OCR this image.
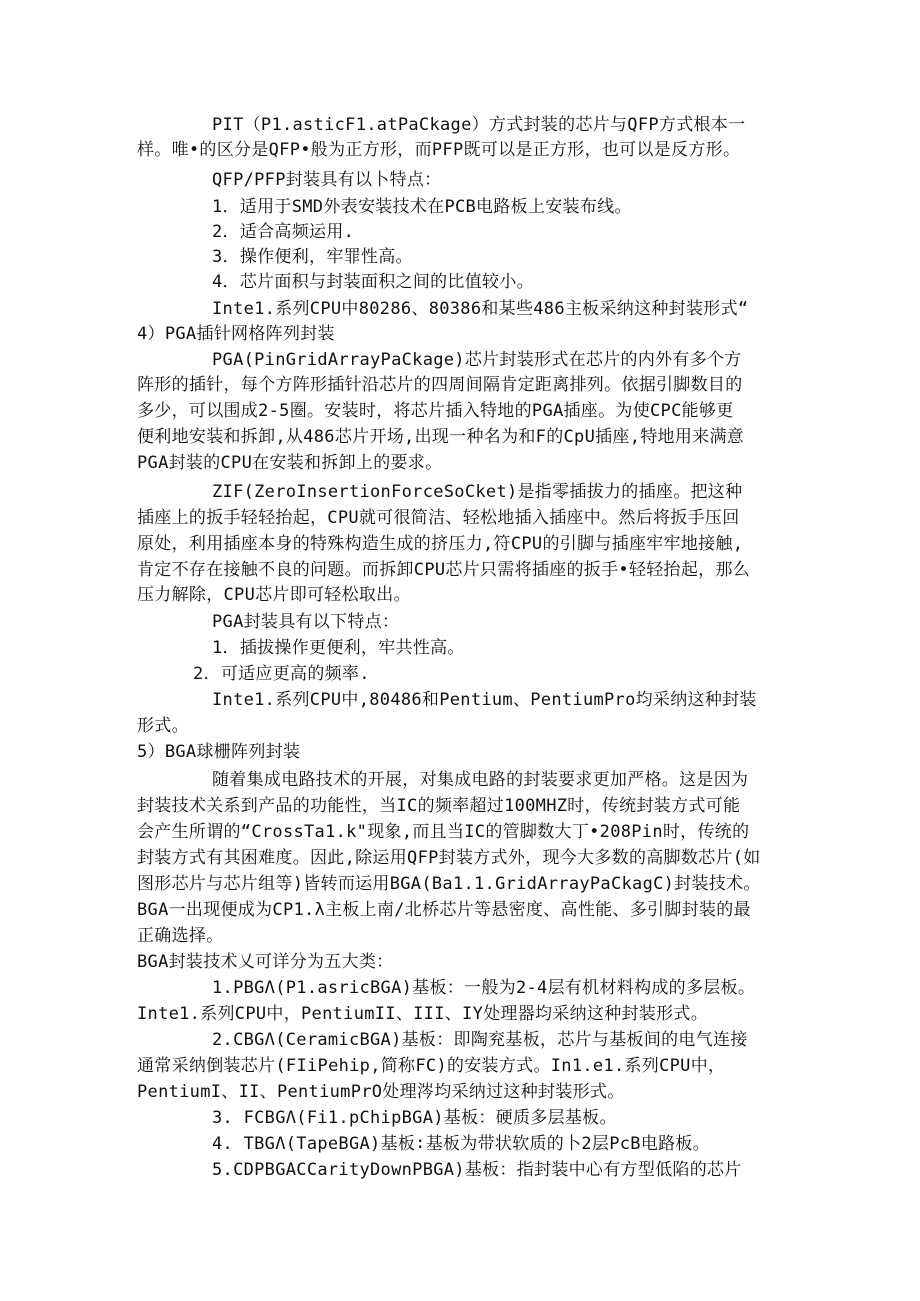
PIT（P1.asticF1.atPaCkage）方式封装的芯片与QFP方式根本一
样。唯•的区分是QFP•般为正方形，而PFP既可以是正方形，也可以是反方形。
QFP/PFP封装具有以卜特点：
1．适用于SMD外表安装技术在PCB电路板上安装布线。
2．适合高频运用.
3．操作便利，牢罪性高。
4．芯片面积与封装面积之间的比值较小。
Inte1.系列CPU中80286、80386和某些486主板采纳这种封装形式“
4）PGA插针网格阵列封装
PGA(PinGridArrayPaCkage)芯片封装形式在芯片的内外有多个方
阵形的插针，每个方阵形插针沿芯片的四周间隔肯定距离排列。依据引脚数目的
多少，可以围成2-5圈。安装时，将芯片插入特地的PGA插座。为使CPC能够更
便利地安装和拆卸,从486芯片开场,出现一种名为和F的CpU插座,特地用来满意
PGA封装的CPU在安装和拆卸上的要求。
ZIF(ZeroInsertionForceSoCket)是指零插拔力的插座。把这种
插座上的扳手轻轻抬起，CPU就可很简洁、轻松地插入插座中。然后将扳手压回
原处，利用插座本身的特殊构造生成的挤压力,符CPU的引脚与插座牢牢地接触,
肯定不存在接触不良的问题。而拆卸CPU芯片只需将插座的扳手•轻轻抬起，那么
压力解除，CPU芯片即可轻松取出。
PGA封装具有以下特点：
1．插拔操作更便利，牢共性高。
2．可适应更高的频率.
Inte1.系列CPU中,80486和Pentium、PentiumPro均采纳这种封装
形式。
5）BGA球栅阵列封装
随着集成电路技术的开展，对集成电路的封装要求更加严格。这是因为
封装技术关系到产品的功能性，当IC的频率超过100MHZ时，传统封装方式可能
会产生所谓的“CrossTa1.k"现象,而且当IC的管脚数大丁•208Pin时，传统的
封装方式有其困难度。因此,除运用QFP封装方式外，现今大多数的高脚数芯片(如
图形芯片与芯片组等)皆转而运用BGA(Ba1.1.GridArrayPaCkagC)封装技术。
BGA一出现便成为CP1.λ主板上南/北桥芯片等悬密度、高性能、多引脚封装的最
正确选择。
BGA封装技术乂可详分为五大类：
1.PBGΛ(P1.asricBGA)基板：一般为2-4层有机材料构成的多层板。
Inte1.系列CPU中，PentiumII、III、IY处理器均采纳这种封装形式。
2.CBGΛ(CeramicBGA)基板：即陶兖基板，芯片与基板间的电气连接
通常采纳倒装芯片(FIiPehip,简称FC)的安装方式。In1.e1.系列CPU中，
PentiumI、II、PentiumPrO处理涔均采纳过这种封装形式。
3. FCBGΛ(Fi1.pChipBGA)基板：硬质多层基板。
4. TBGΛ(TapeBGA)基板∶基板为带状软质的卜2层PcB电路板。
5.CDPBGACCarityDownPBGA)基板：指封装中心有方型低陷的芯片
